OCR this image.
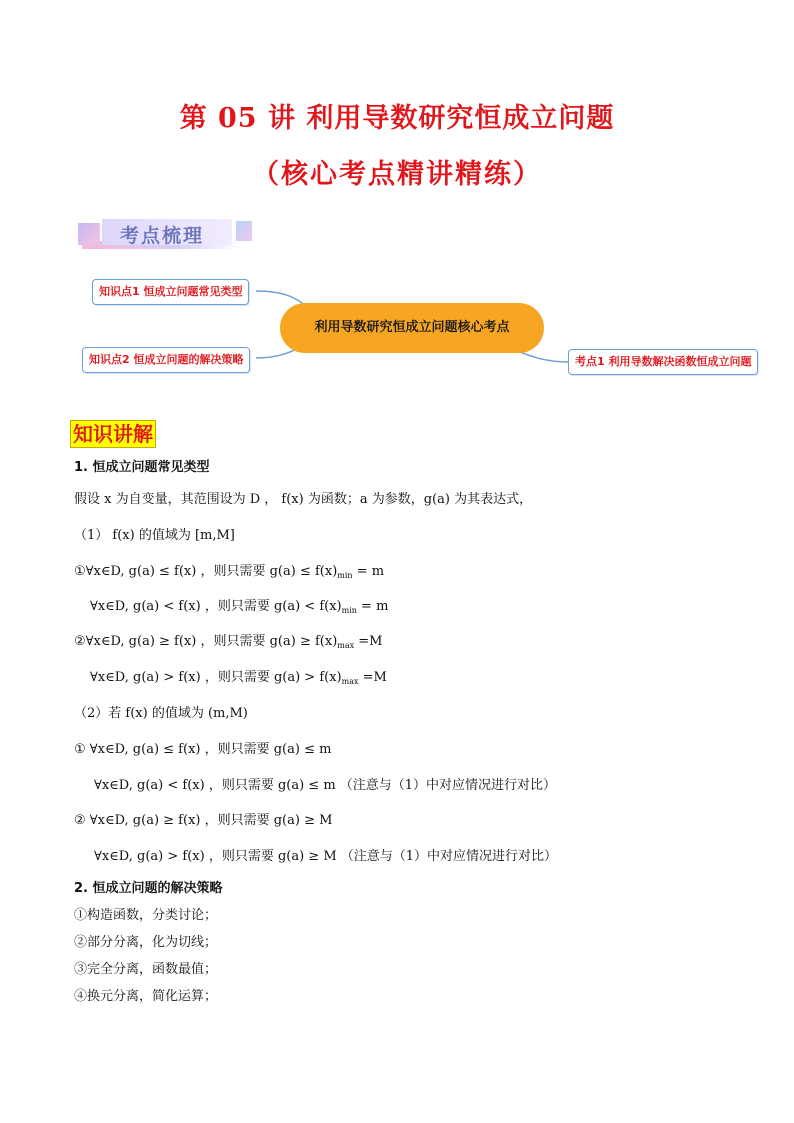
第 05 讲 利用导数研究恒成立问题
（核心考点精讲精练）
考点梳理
知识点1 恒成立问题常见类型
知识点2 恒成立问题的解决策略	考点1 利用导数解决函数恒成立问题
利用导数研究恒成立问题核心考点
知识讲解
1. 恒成立问题常见类型
假设 x 为自变量，其范围设为 D ， f(x) 为函数；a 为参数，g(a) 为其表达式，
（1） f(x) 的值域为 [m,M]
①∀x∈D, g(a) ≤ f(x) ，则只需要 $g(a) \le f(x)_{min} = m$
∀x∈D, g(a) < f(x) ，则只需要 $g(a) < f(x)_{min} = m$
②∀x∈D, g(a) ≥ f(x) ，则只需要 $g(a) \ge f(x)_{max} =M$
∀x∈D, g(a) > f(x) ，则只需要 $g(a) > f(x)_{max} =M$
（2）若 f(x) 的值域为 (m,M)
① ∀x∈D, g(a) ≤ f(x) ，则只需要 g(a) ≤ m
∀x∈D, g(a) < f(x) ，则只需要 g(a) ≤ m （注意与（1）中对应情况进行对比）
② ∀x∈D, g(a) ≥ f(x) ，则只需要 g(a) ≥ M
∀x∈D, g(a) > f(x) ，则只需要 g(a) ≥ M （注意与（1）中对应情况进行对比）
2. 恒成立问题的解决策略
①构造函数，分类讨论；
②部分分离，化为切线；
③完全分离，函数最值；
④换元分离，简化运算；
